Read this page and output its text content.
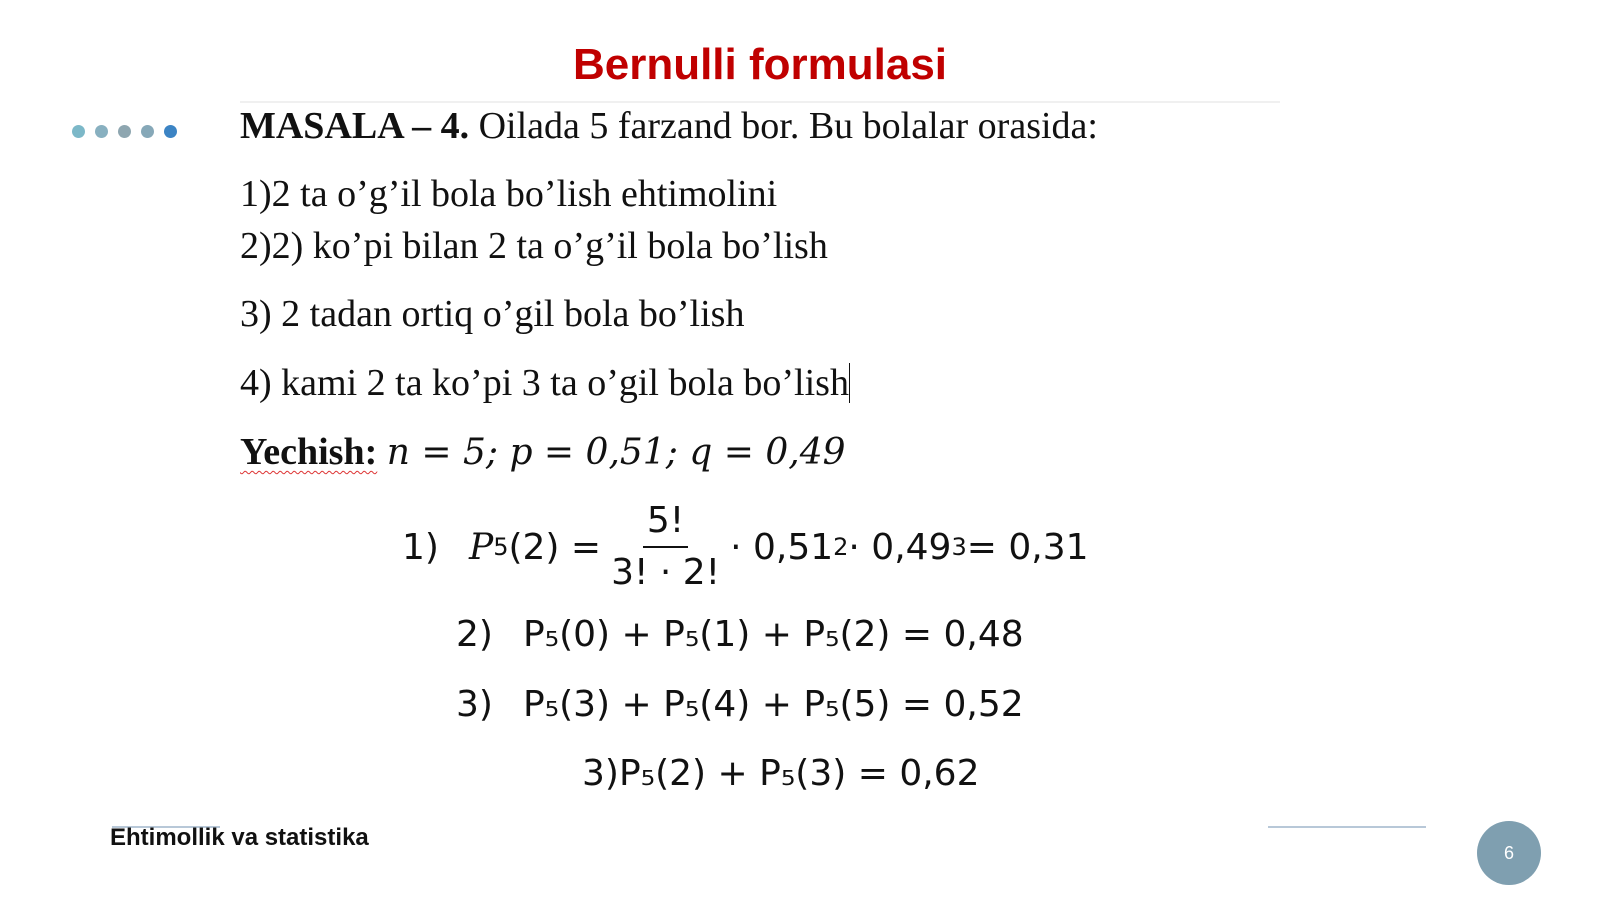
Bernulli formulasi
MASALA – 4. Oilada 5 farzand bor. Bu bolalar orasida:
1)2 ta o’g’il bola bo’lish ehtimolini
2)2) ko’pi bilan 2 ta o’g’il bola bo’lish
3) 2 tadan ortiq o’gil bola bo’lish
4) kami 2 ta ko’pi 3 ta o’gil bola bo’lish
Yechish: n = 5; p = 0,51; q = 0,49
1) P 5 $(2) = \frac{5!}{3! \cdot 2!} \cdot 0,51$ 2 · 0,49 3 = 0,31
2) P₅(0) + P₅(1) + P₅(2) = 0,48
3) P₅(3) + P₅(4) + P₅(5) = 0,52
3) P₅(2) + P₅(3) = 0,62
Ehtimollik va statistika
6
